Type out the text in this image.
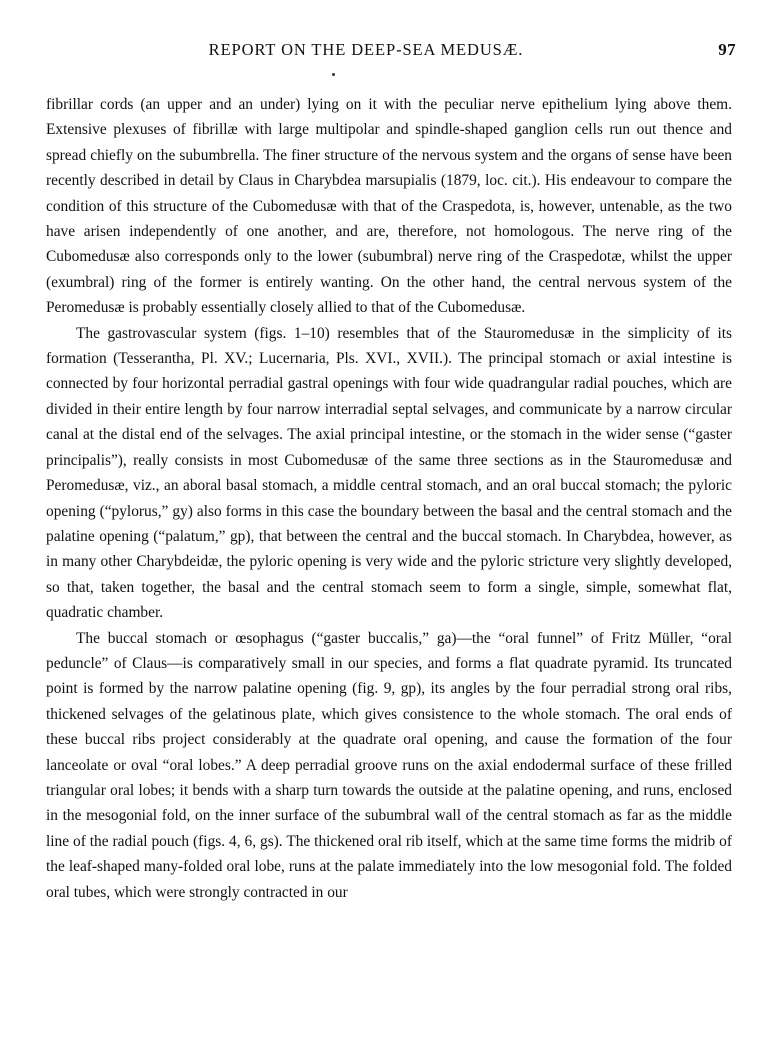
REPORT ON THE DEEP-SEA MEDUSÆ.	97

fibrillar cords (an upper and an under) lying on it with the peculiar nerve epithelium lying above them. Extensive plexuses of fibrillæ with large multipolar and spindle-shaped ganglion cells run out thence and spread chiefly on the subumbrella. The finer structure of the nervous system and the organs of sense have been recently described in detail by Claus in Charybdea marsupialis (1879, loc. cit.). His endeavour to compare the condition of this structure of the Cubomedusæ with that of the Craspedota, is, however, untenable, as the two have arisen independently of one another, and are, therefore, not homologous. The nerve ring of the Cubomedusæ also corresponds only to the lower (subumbral) nerve ring of the Craspedotæ, whilst the upper (exumbral) ring of the former is entirely wanting. On the other hand, the central nervous system of the Peromedusæ is probably essentially closely allied to that of the Cubomedusæ.

The gastrovascular system (figs. 1–10) resembles that of the Stauromedusæ in the simplicity of its formation (Tesserantha, Pl. XV.; Lucernaria, Pls. XVI., XVII.). The principal stomach or axial intestine is connected by four horizontal perradial gastral openings with four wide quadrangular radial pouches, which are divided in their entire length by four narrow interradial septal selvages, and communicate by a narrow circular canal at the distal end of the selvages. The axial principal intestine, or the stomach in the wider sense (“gaster principalis”), really consists in most Cubomedusæ of the same three sections as in the Stauromedusæ and Peromedusæ, viz., an aboral basal stomach, a middle central stomach, and an oral buccal stomach; the pyloric opening (“pylorus,” gy) also forms in this case the boundary between the basal and the central stomach and the palatine opening (“palatum,” gp), that between the central and the buccal stomach. In Charybdea, however, as in many other Charybdeidæ, the pyloric opening is very wide and the pyloric stricture very slightly developed, so that, taken together, the basal and the central stomach seem to form a single, simple, somewhat flat, quadratic chamber.

The buccal stomach or œsophagus (“gaster buccalis,” ga)—the “oral funnel” of Fritz Müller, “oral peduncle” of Claus—is comparatively small in our species, and forms a flat quadrate pyramid. Its truncated point is formed by the narrow palatine opening (fig. 9, gp), its angles by the four perradial strong oral ribs, thickened selvages of the gelatinous plate, which gives consistence to the whole stomach. The oral ends of these buccal ribs project considerably at the quadrate oral opening, and cause the formation of the four lanceolate or oval “oral lobes.” A deep perradial groove runs on the axial endodermal surface of these frilled triangular oral lobes; it bends with a sharp turn towards the outside at the palatine opening, and runs, enclosed in the mesogonial fold, on the inner surface of the subumbral wall of the central stomach as far as the middle line of the radial pouch (figs. 4, 6, gs). The thickened oral rib itself, which at the same time forms the midrib of the leaf-shaped many-folded oral lobe, runs at the palate immediately into the low mesogonial fold. The folded oral tubes, which were strongly contracted in our
